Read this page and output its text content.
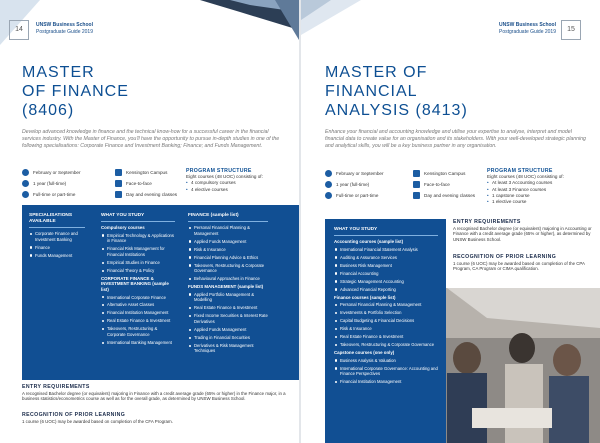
14
UNSW Business School
Postgraduate Guide 2019
MASTER
OF FINANCE
(8406)

Develop advanced knowledge in finance and the technical know-how for a successful career in the financial services industry. With the Master of Finance, you'll have the opportunity to pursue in-depth studies in one of the following specialisations: Corporate Finance and Investment Banking; Finance; and Funds Management.

February or September
1 year (full-time)
Full-time or part-time
Kensington Campus
Face-to-face
Day and evening classes
PROGRAM STRUCTURE
Eight courses (48 UOC) consisting of:
• 4 compulsory courses
• 4 elective courses
SPECIALISATIONS AVAILABLE
Corporate Finance and Investment Banking
Finance
Funds Management
WHAT YOU STUDY
Compulsory courses
Empirical Technology & Applications in Finance
Financial Risk Management for Financial Institutions
Empirical Studies in Finance
Financial Theory & Policy
CORPORATE FINANCE & INVESTMENT BANKING (sample list)
International Corporate Finance
Alternative Asset Classes
Financial Institution Management
Real Estate Finance & Investment
Takeovers, Restructuring & Corporate Governance
International Banking Management
FINANCE (sample list)
Personal Financial Planning & Management
Applied Funds Management
Risk & Insurance
Financial Planning Advice & Ethics
Takeovers, Restructuring & Corporate Governance
Behavioural Approaches in Finance
FUNDS MANAGEMENT (sample list)
Applied Portfolio Management & Modelling
Real Estate Finance & Investment
Fixed Income Securities & Interest Rate Derivatives
Applied Funds Management
Trading in Financial Securities
Derivatives & Risk Management Techniques
ENTRY REQUIREMENTS

A recognised Bachelor degree (or equivalent) majoring in Finance with a credit average grade (65% or higher) in the Finance major, in a business statistics/econometrics course as well as for the overall grade, as determined by UNSW Business School.

RECOGNITION OF PRIOR LEARNING

1 course (6 UOC) may be awarded based on completion of the CFA Program.

15
UNSW Business School
Postgraduate Guide 2019
MASTER OF
FINANCIAL
ANALYSIS (8413)

Enhance your financial and accounting knowledge and utilise your expertise to analyse, interpret and model financial data to create value for an organisation and its stakeholders. With your well-developed strategic planning and analytical skills, you will be a key business partner in any organisation.

February or September
1 year (full-time)
Full-time or part-time
Kensington Campus
Face-to-face
Day and evening classes
PROGRAM STRUCTURE
Eight courses (48 UOC) consisting of:
• At least 3 Accounting courses
• At least 3 Finance courses
• 1 capstone course
• 1 elective course
ENTRY REQUIREMENTS

A recognised Bachelor degree (or equivalent) majoring in Accounting or Finance with a credit average grade (65% or higher), as determined by UNSW Business School.

RECOGNITION OF PRIOR LEARNING

1 course (6 UOC) may be awarded based on completion of the CPA Program, CA Program or CIMA qualification.

WHAT YOU STUDY
Accounting courses (sample list)
International Financial Statement Analysis
Auditing & Assurance Services
Business Risk Management
Financial Accounting
Strategic Management Accounting
Advanced Financial Reporting
Finance courses (sample list)
Personal Financial Planning & Management
Investments & Portfolio Selection
Capital Budgeting & Financial Decisions
Risk & Insurance
Real Estate Finance & Investment
Takeovers, Restructuring & Corporate Governance
Capstone courses (one only)
Business Analysis & Valuation
International Corporate Governance: Accounting and Finance Perspectives
Financial Institution Management
